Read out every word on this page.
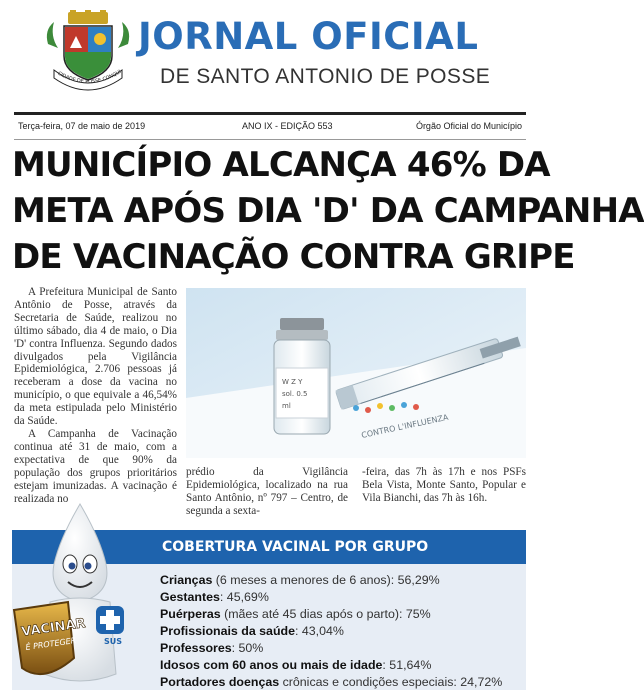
CIDADE DE POSSE CONQUI
JORNAL OFICIAL
DE SANTO ANTONIO DE POSSE
Terça-feira, 07 de maio de 2019	ANO IX - EDIÇÃO 553	Órgão Oficial do Município
MUNICÍPIO ALCANÇA 46% DA
META APÓS DIA 'D' DA CAMPANHA
DE VACINAÇÃO CONTRA GRIPE

A Prefeitura Municipal de Santo Antônio de Posse, através da Secretaria de Saúde, realizou no último sábado, dia 4 de maio, o Dia 'D' contra Influenza. Segundo dados divulgados pela Vigilância Epidemiológica, 2.706 pessoas já receberam a dose da vacina no município, o que equivale a 46,54% da meta estipulada pelo Ministério da Saúde.

A Campanha de Vacinação continua até 31 de maio, com a expectativa de que 90% da população dos grupos prioritários estejam imunizadas. A vacinação é realizada no

W Z Y
sol. 0.5
ml
CONTRO L'INFLUENZA

prédio da Vigilância Epidemiológica, localizado na rua Santo Antônio, nº 797 – Centro, de segunda a sexta-

-feira, das 7h às 17h e nos PSFs Bela Vista, Monte Santo, Popular e Vila Bianchi, das 7h às 16h.

COBERTURA VACINAL POR GRUPO
Crianças (6 meses a menores de 6 anos): 56,29%
Gestantes: 45,69%
Puérperas (mães até 45 dias após o parto): 75%
Profissionais da saúde: 43,04%
Professores: 50%
Idosos com 60 anos ou mais de idade: 51,64%
Portadores doenças crônicas e condições especiais: 24,72%
VACINAR
É PROTEGER	SUS
